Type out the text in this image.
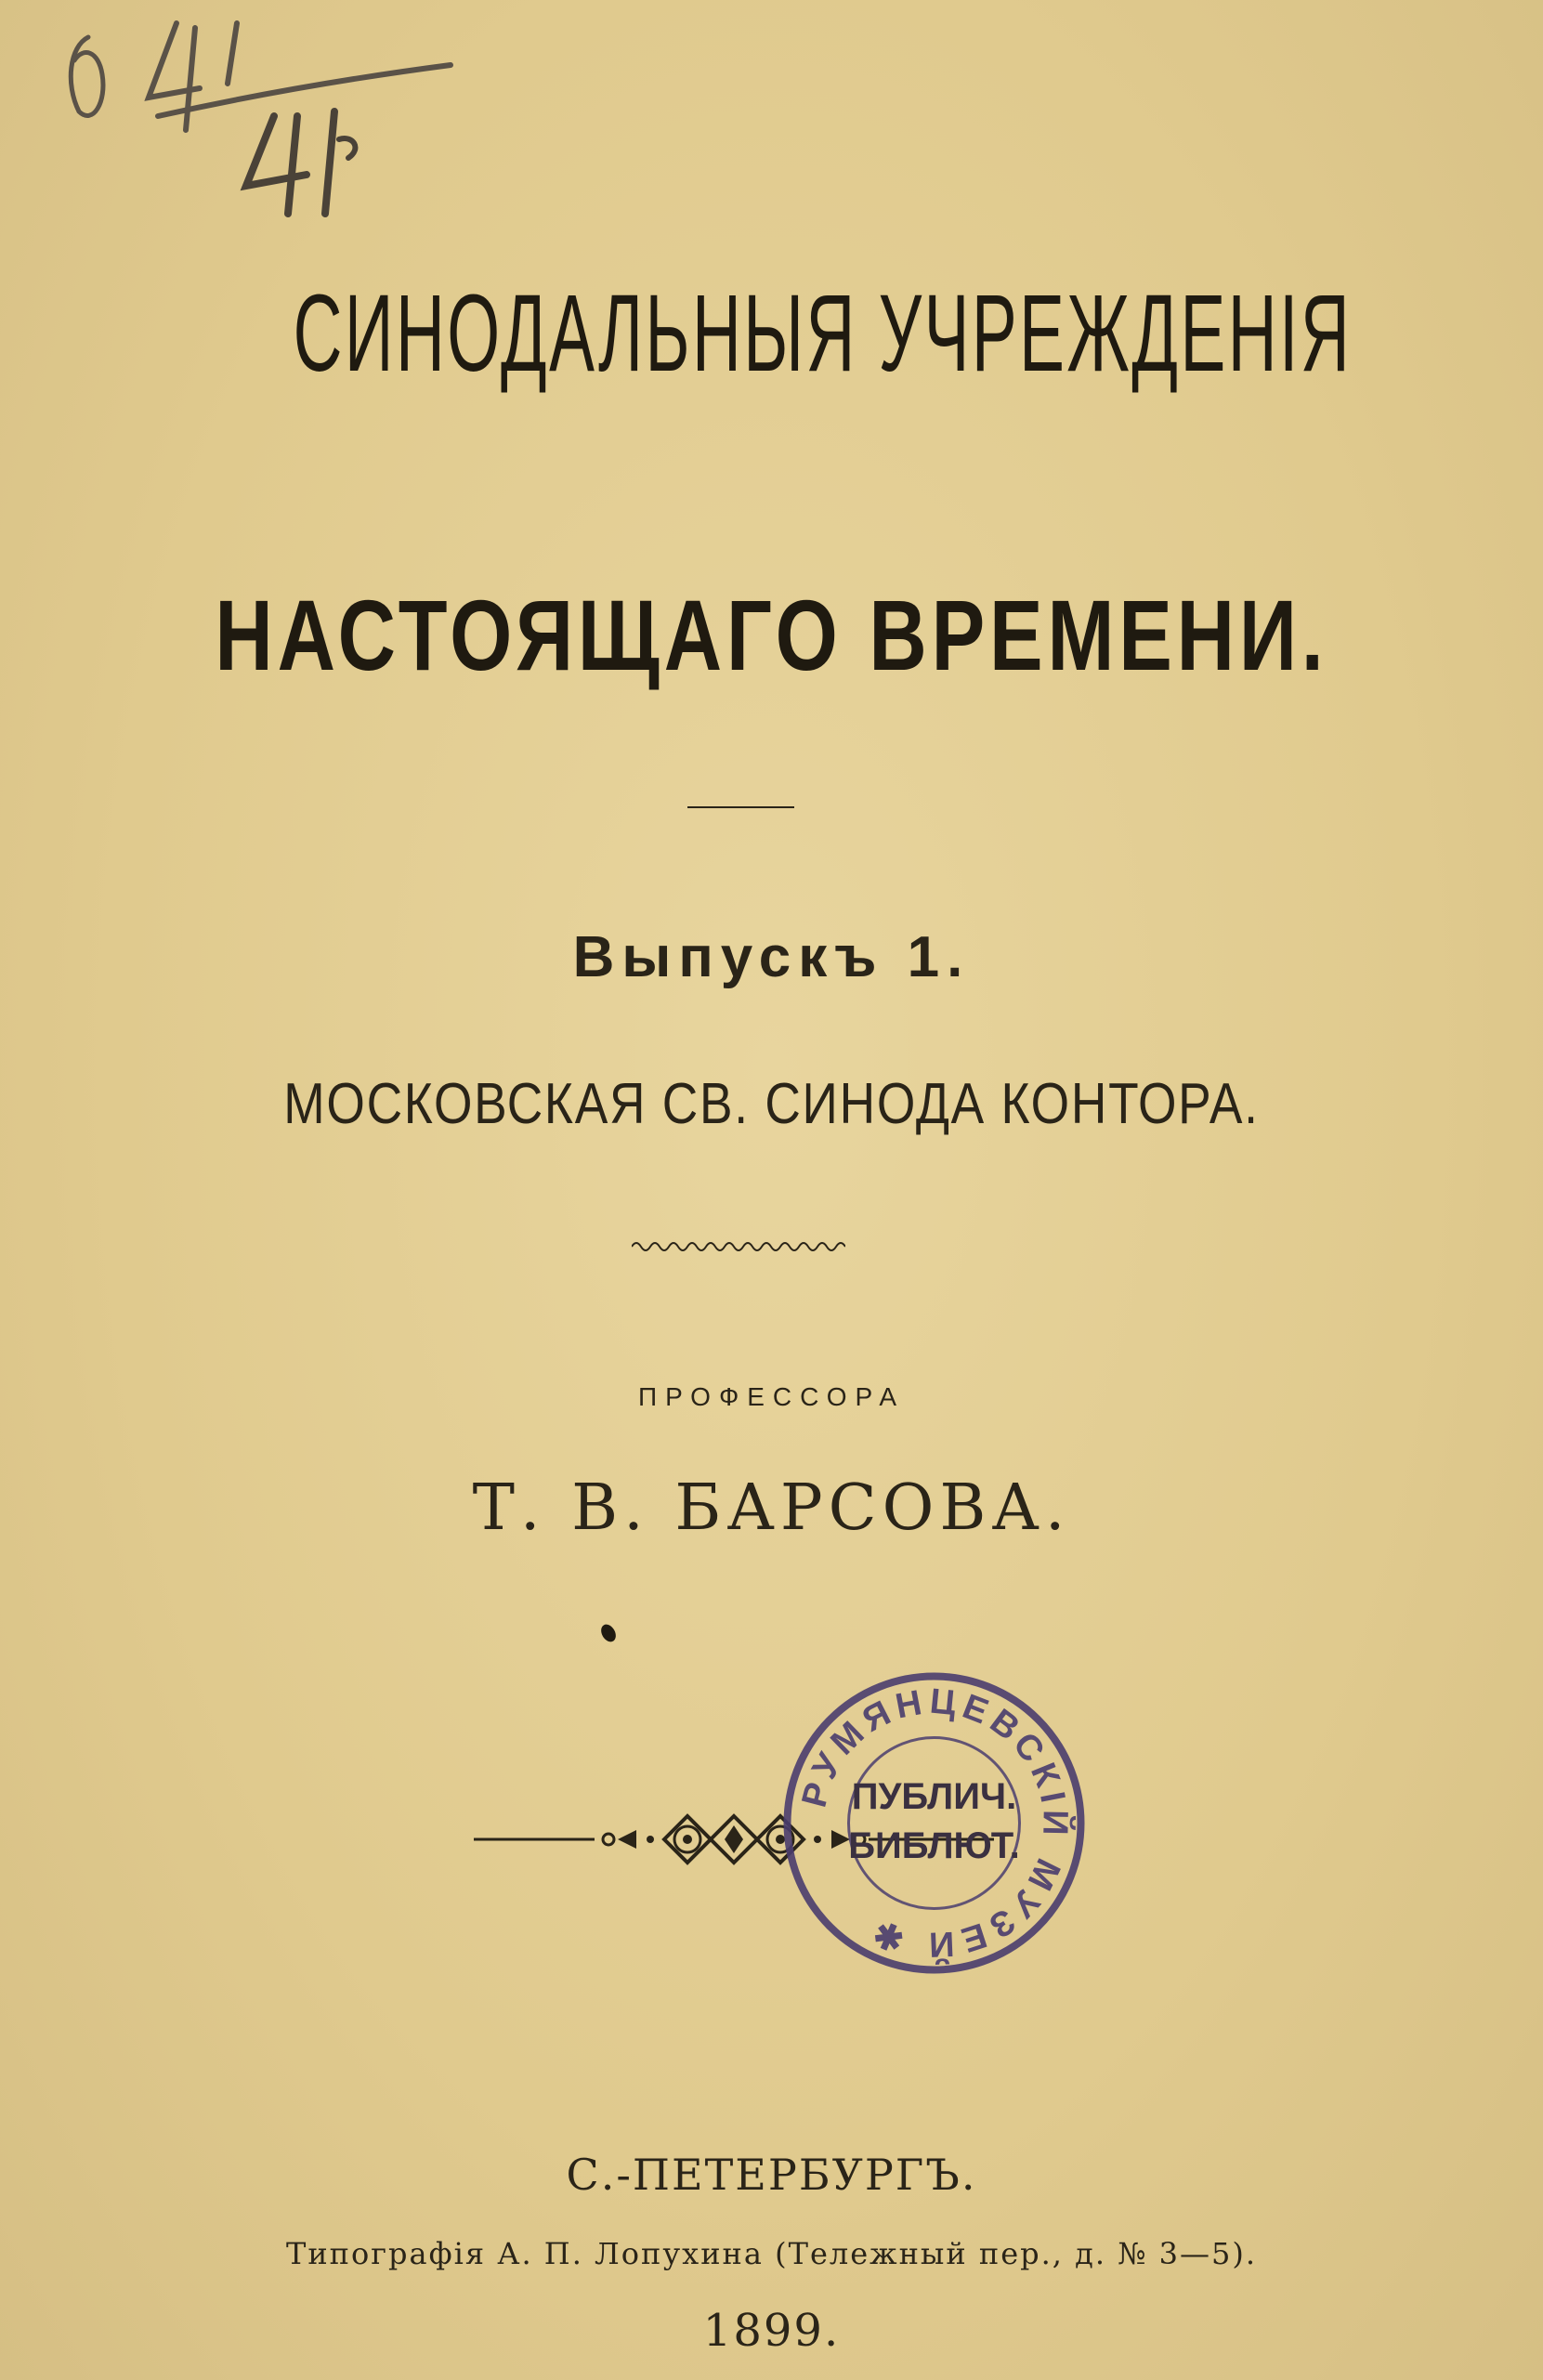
СИНОДАЛЬНЫЯ УЧРЕЖДЕНІЯ
НАСТОЯЩАГО ВРЕМЕНИ.
Выпускъ 1.
МОСКОВСКАЯ СВ. СИНОДА КОНТОРА.
ПРОФЕССОРА
Т. В. БАРСОВА.
РУМЯНЦЕВСКІЙ МУЗЕЙ ✱
ПУБЛИЧ.
БИБЛЮТ.
С.-ПЕТЕРБУРГЪ.
Типографія А. П. Лопухина (Тележный пер., д. № 3—5).
1899.
